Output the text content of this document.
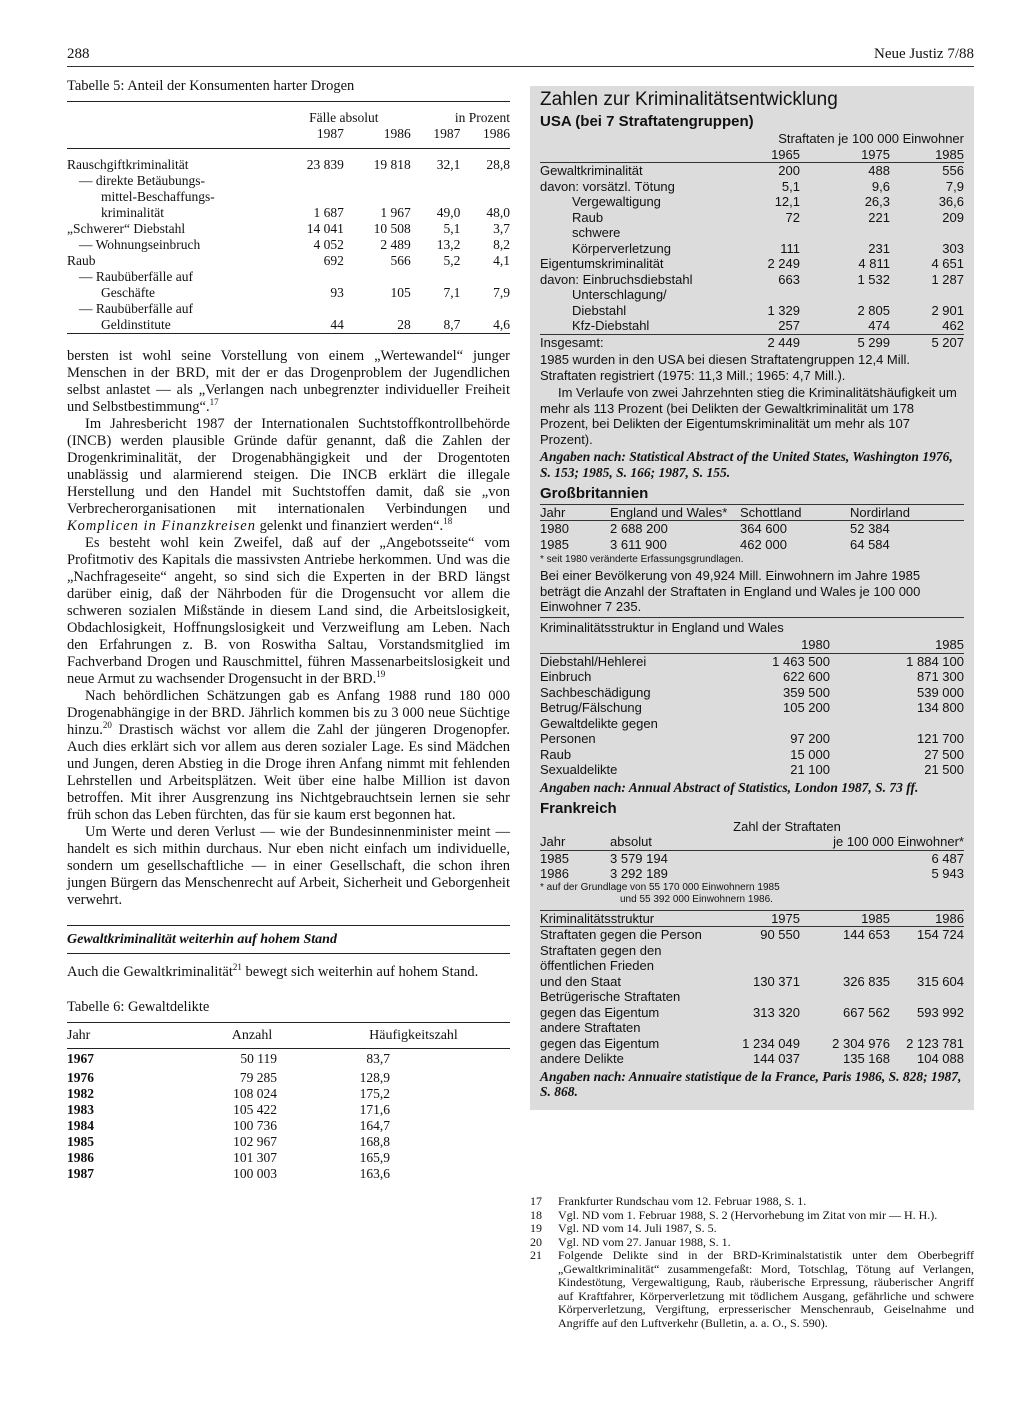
288	Neue Justiz 7/88
Tabelle 5: Anteil der Konsumenten harter Drogen
	Fälle absolut		in Prozent	
	1987	1986	1987	1986
Rauschgiftkriminalität	23 839	19 818	32,1	28,8
— direkte Betäubungs-				
mittel-Beschaffungs-				
kriminalität	1 687	1 967	49,0	48,0
„Schwerer“ Diebstahl	14 041	10 508	5,1	3,7
— Wohnungseinbruch	4 052	2 489	13,2	8,2
Raub	692	566	5,2	4,1
— Raubüberfälle auf				
Geschäfte	93	105	7,1	7,9
— Raubüberfälle auf				
Geldinstitute	44	28	8,7	4,6

bersten ist wohl seine Vorstellung von einem „Wertewandel“ junger Menschen in der BRD, mit der er das Drogenproblem der Jugendlichen selbst anlastet — als „Verlangen nach unbegrenzter individueller Freiheit und Selbstbestimmung“.$^{17}$

Im Jahresbericht 1987 der Internationalen Suchtstoffkontrollbehörde (INCB) werden plausible Gründe dafür genannt, daß die Zahlen der Drogenkriminalität, der Drogenabhängigkeit und der Drogentoten unablässig und alarmierend steigen. Die INCB erklärt die illegale Herstellung und den Handel mit Suchtstoffen damit, daß sie „von Verbrecherorganisationen mit internationalen Verbindungen und Komplicen in Finanzkreisen gelenkt und finanziert werden“.$^{18}$

Es besteht wohl kein Zweifel, daß auf der „Angebotsseite“ vom Profitmotiv des Kapitals die massivsten Antriebe herkommen. Und was die „Nachfrageseite“ angeht, so sind sich die Experten in der BRD längst darüber einig, daß der Nährboden für die Drogensucht vor allem die schweren sozialen Mißstände in diesem Land sind, die Arbeitslosigkeit, Obdachlosigkeit, Hoffnungslosigkeit und Verzweiflung am Leben. Nach den Erfahrungen z. B. von Roswitha Saltau, Vorstandsmitglied im Fachverband Drogen und Rauschmittel, führen Massenarbeitslosigkeit und neue Armut zu wachsender Drogensucht in der BRD.$^{19}$

Nach behördlichen Schätzungen gab es Anfang 1988 rund 180 000 Drogenabhängige in der BRD. Jährlich kommen bis zu 3 000 neue Süchtige hinzu.$^{20}$ Drastisch wächst vor allem die Zahl der jüngeren Drogenopfer. Auch dies erklärt sich vor allem aus deren sozialer Lage. Es sind Mädchen und Jungen, deren Abstieg in die Droge ihren Anfang nimmt mit fehlenden Lehrstellen und Arbeitsplätzen. Weit über eine halbe Million ist davon betroffen. Mit ihrer Ausgrenzung ins Nichtgebrauchtsein lernen sie sehr früh schon das Leben fürchten, das für sie kaum erst begonnen hat.

Um Werte und deren Verlust — wie der Bundesinnenminister meint — handelt es sich mithin durchaus. Nur eben nicht einfach um individuelle, sondern um gesellschaftliche — in einer Gesellschaft, die schon ihren jungen Bürgern das Menschenrecht auf Arbeit, Sicherheit und Geborgenheit verwehrt.

Gewaltkriminalität weiterhin auf hohem Stand

Auch die Gewaltkriminalität$^{21}$ bewegt sich weiterhin auf hohem Stand.

Tabelle 6: Gewaltdelikte
Jahr	Anzahl	Häufigkeitszahl
1967	50 119	83,7
1976	79 285	128,9
1982	108 024	175,2
1983	105 422	171,6
1984	100 736	164,7
1985	102 967	168,8
1986	101 307	165,9
1987	100 003	163,6
Zahlen zur Kriminalitätsentwicklung
USA (bei 7 Straftatengruppen)
	Straftaten je 100 000 Einwohner		
	1965	1975	1985
Gewaltkriminalität	200	488	556
davon: vorsätzl. Tötung	5,1	9,6	7,9
Vergewaltigung	12,1	26,3	36,6
Raub	72	221	209
schwere			
Körperverletzung	111	231	303
Eigentumskriminalität	2 249	4 811	4 651
davon: Einbruchsdiebstahl	663	1 532	1 287
Unterschlagung/			
Diebstahl	1 329	2 805	2 901
Kfz-Diebstahl	257	474	462
Insgesamt:	2 449	5 299	5 207

1985 wurden in den USA bei diesen Straftatengruppen 12,4 Mill. Straftaten registriert (1975: 11,3 Mill.; 1965: 4,7 Mill.).

Im Verlaufe von zwei Jahrzehnten stieg die Kriminalitätshäufigkeit um mehr als 113 Prozent (bei Delikten der Gewaltkriminalität um 178 Prozent, bei Delikten der Eigentumskriminalität um mehr als 107 Prozent).

Angaben nach: Statistical Abstract of the United States, Washington 1976, S. 153; 1985, S. 166; 1987, S. 155.

Großbritannien
Jahr	England und Wales*	Schottland	Nordirland
1980	2 688 200	364 600	52 384
1985	3 611 900	462 000	64 584

* seit 1980 veränderte Erfassungsgrundlagen.

Bei einer Bevölkerung von 49,924 Mill. Einwohnern im Jahre 1985 beträgt die Anzahl der Straftaten in England und Wales je 100 000 Einwohner 7 235.

Kriminalitätsstruktur in England und Wales

	1980	1985
Diebstahl/Hehlerei	1 463 500	1 884 100
Einbruch	622 600	871 300
Sachbeschädigung	359 500	539 000
Betrug/Fälschung	105 200	134 800
Gewaltdelikte gegen		
Personen	97 200	121 700
Raub	15 000	27 500
Sexualdelikte	21 100	21 500

Angaben nach: Annual Abstract of Statistics, London 1987, S. 73 ff.

Frankreich
	Zahl der Straftaten	
Jahr	absolut	je 100 000 Einwohner*
1985	3 579 194	6 487
1986	3 292 189	5 943

* auf der Grundlage von 55 170 000 Einwohnern 1985

und 55 392 000 Einwohnern 1986.

Kriminalitätsstruktur	1975	1985	1986
Straftaten gegen die Person	90 550	144 653	154 724
Straftaten gegen den			
öffentlichen Frieden			
und den Staat	130 371	326 835	315 604
Betrügerische Straftaten			
gegen das Eigentum	313 320	667 562	593 992
andere Straftaten			
gegen das Eigentum	1 234 049	2 304 976	2 123 781
andere Delikte	144 037	135 168	104 088

Angaben nach: Annuaire statistique de la France, Paris 1986, S. 828; 1987, S. 868.

17	Frankfurter Rundschau vom 12. Februar 1988, S. 1.
18	Vgl. ND vom 1. Februar 1988, S. 2 (Hervorhebung im Zitat von mir — H. H.).
19	Vgl. ND vom 14. Juli 1987, S. 5.
20	Vgl. ND vom 27. Januar 1988, S. 1.
21	Folgende Delikte sind in der BRD-Kriminalstatistik unter dem Oberbegriff „Gewaltkriminalität“ zusammengefaßt: Mord, Totschlag, Tötung auf Verlangen, Kindestötung, Vergewaltigung, Raub, räuberische Erpressung, räuberischer Angriff auf Kraftfahrer, Körperverletzung mit tödlichem Ausgang, gefährliche und schwere Körperverletzung, Vergiftung, erpresserischer Menschenraub, Geiselnahme und Angriffe auf den Luftverkehr (Bulletin, a. a. O., S. 590).
